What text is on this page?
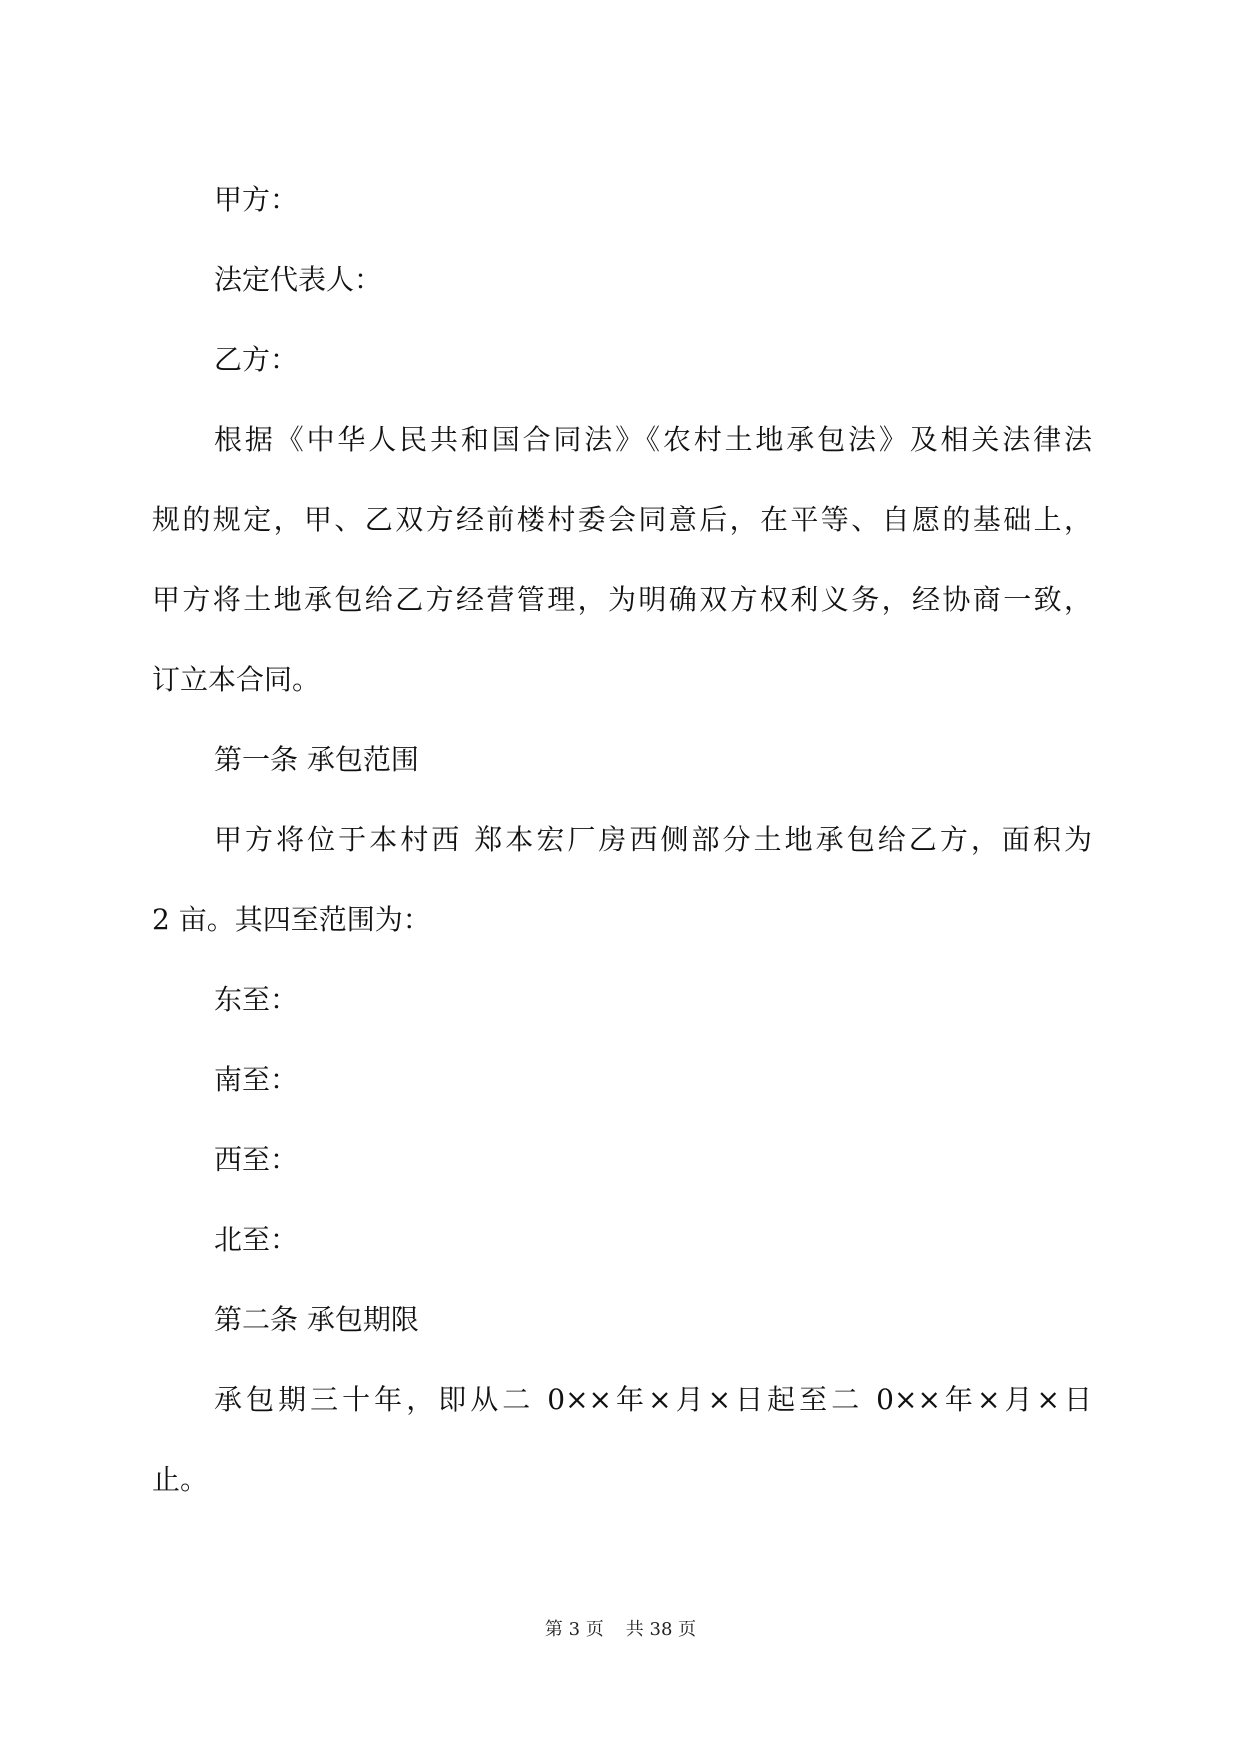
甲方：

法定代表人：

乙方：

根据《中华人民共和国合同法》《农村土地承包法》及相关法律法

规的规定，甲、乙双方经前楼村委会同意后，在平等、自愿的基础上，

甲方将土地承包给乙方经营管理，为明确双方权利义务，经协商一致，

订立本合同。

第一条 承包范围

甲方将位于本村西 郑本宏厂房西侧部分土地承包给乙方，面积为

2 亩。其四至范围为：

东至：

南至：

西至：

北至：

第二条 承包期限

承包期三十年，即从二 0××年×月×日起至二 0××年×月×日

止。

第 3 页 共 38 页
